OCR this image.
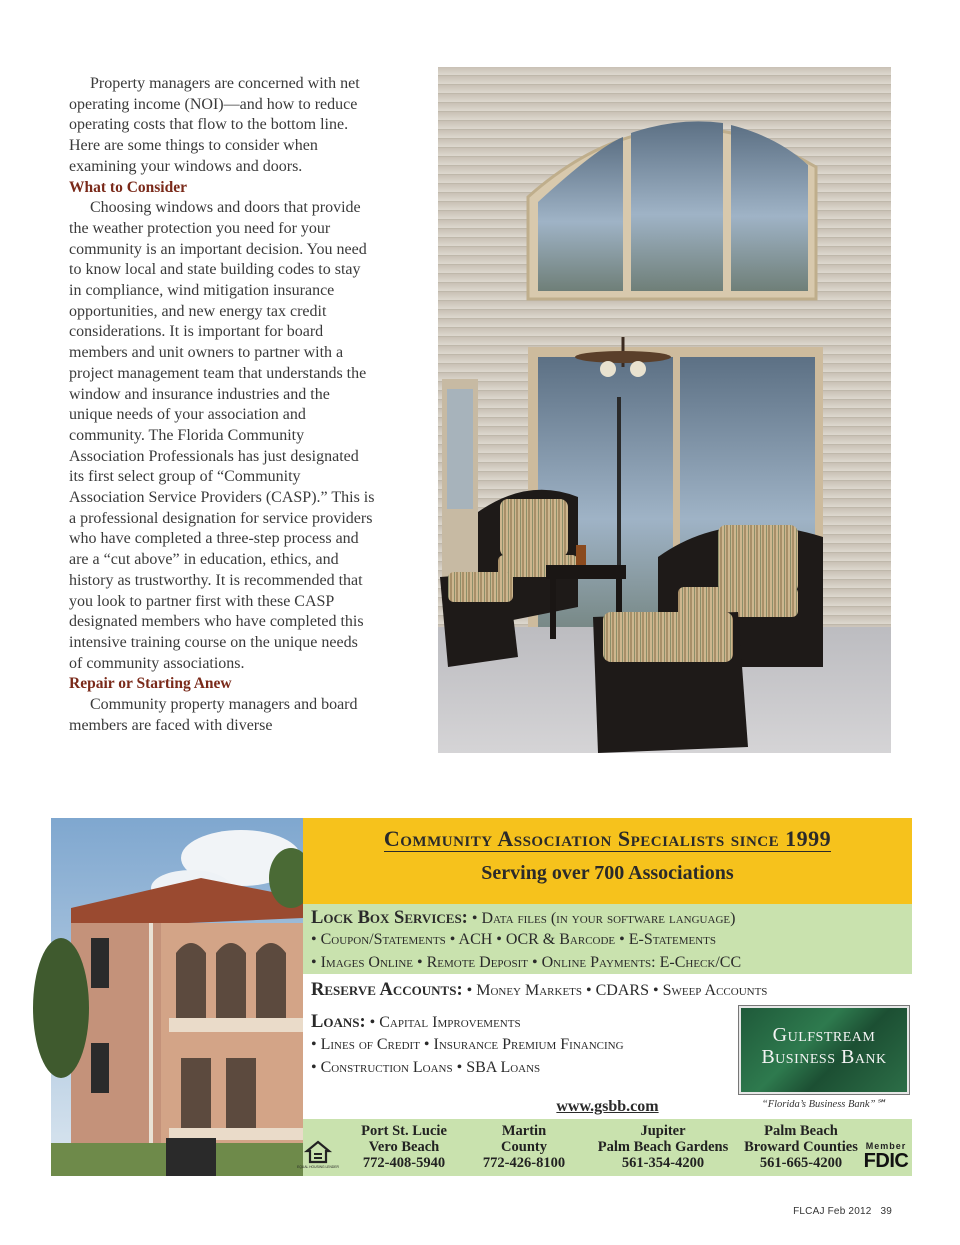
Property managers are concerned with net operating income (NOI)—and how to reduce operating costs that flow to the bottom line. Here are some things to consider when examining your windows and doors.

What to Consider

Choosing windows and doors that provide the weather protection you need for your community is an important decision. You need to know local and state building codes to stay in compliance, wind mitigation insurance opportunities, and new energy tax credit considerations. It is important for board members and unit owners to partner with a project management team that understands the window and insurance industries and the unique needs of your association and community. The Florida Community Association Professionals has just designated its first select group of “Community Association Service Providers (CASP).” This is a professional designation for service providers who have completed a three-step process and are a “cut above” in education, ethics, and history as trustworthy. It is recommended that you look to partner first with these CASP designated members who have completed this intensive training course on the unique needs of community associations.

Repair or Starting Anew

Community property managers and board members are faced with diverse

Community Association Specialists since 1999
Serving over 700 Associations
Lock Box Services: • Data files (in your software language)
• Coupon/Statements • ACH • OCR & Barcode • E-Statements
• Images Online • Remote Deposit • Online Payments: E-Check/CC
Reserve Accounts: • Money Markets • CDARS • Sweep Accounts
Loans: • Capital Improvements
• Lines of Credit • Insurance Premium Financing
• Construction Loans • SBA Loans
Gulfstream
Business Bank
“Florida’s Business Bank”℠
www.gsbb.com
EQUAL HOUSING LENDER
Port St. Lucie
Vero Beach
772-408-5940
Martin
County
772-426-8100
Jupiter
Palm Beach Gardens
561-354-4200
Palm Beach
Broward Counties
561-665-4200
Member
FDIC
FLCAJ Feb 2012 39
